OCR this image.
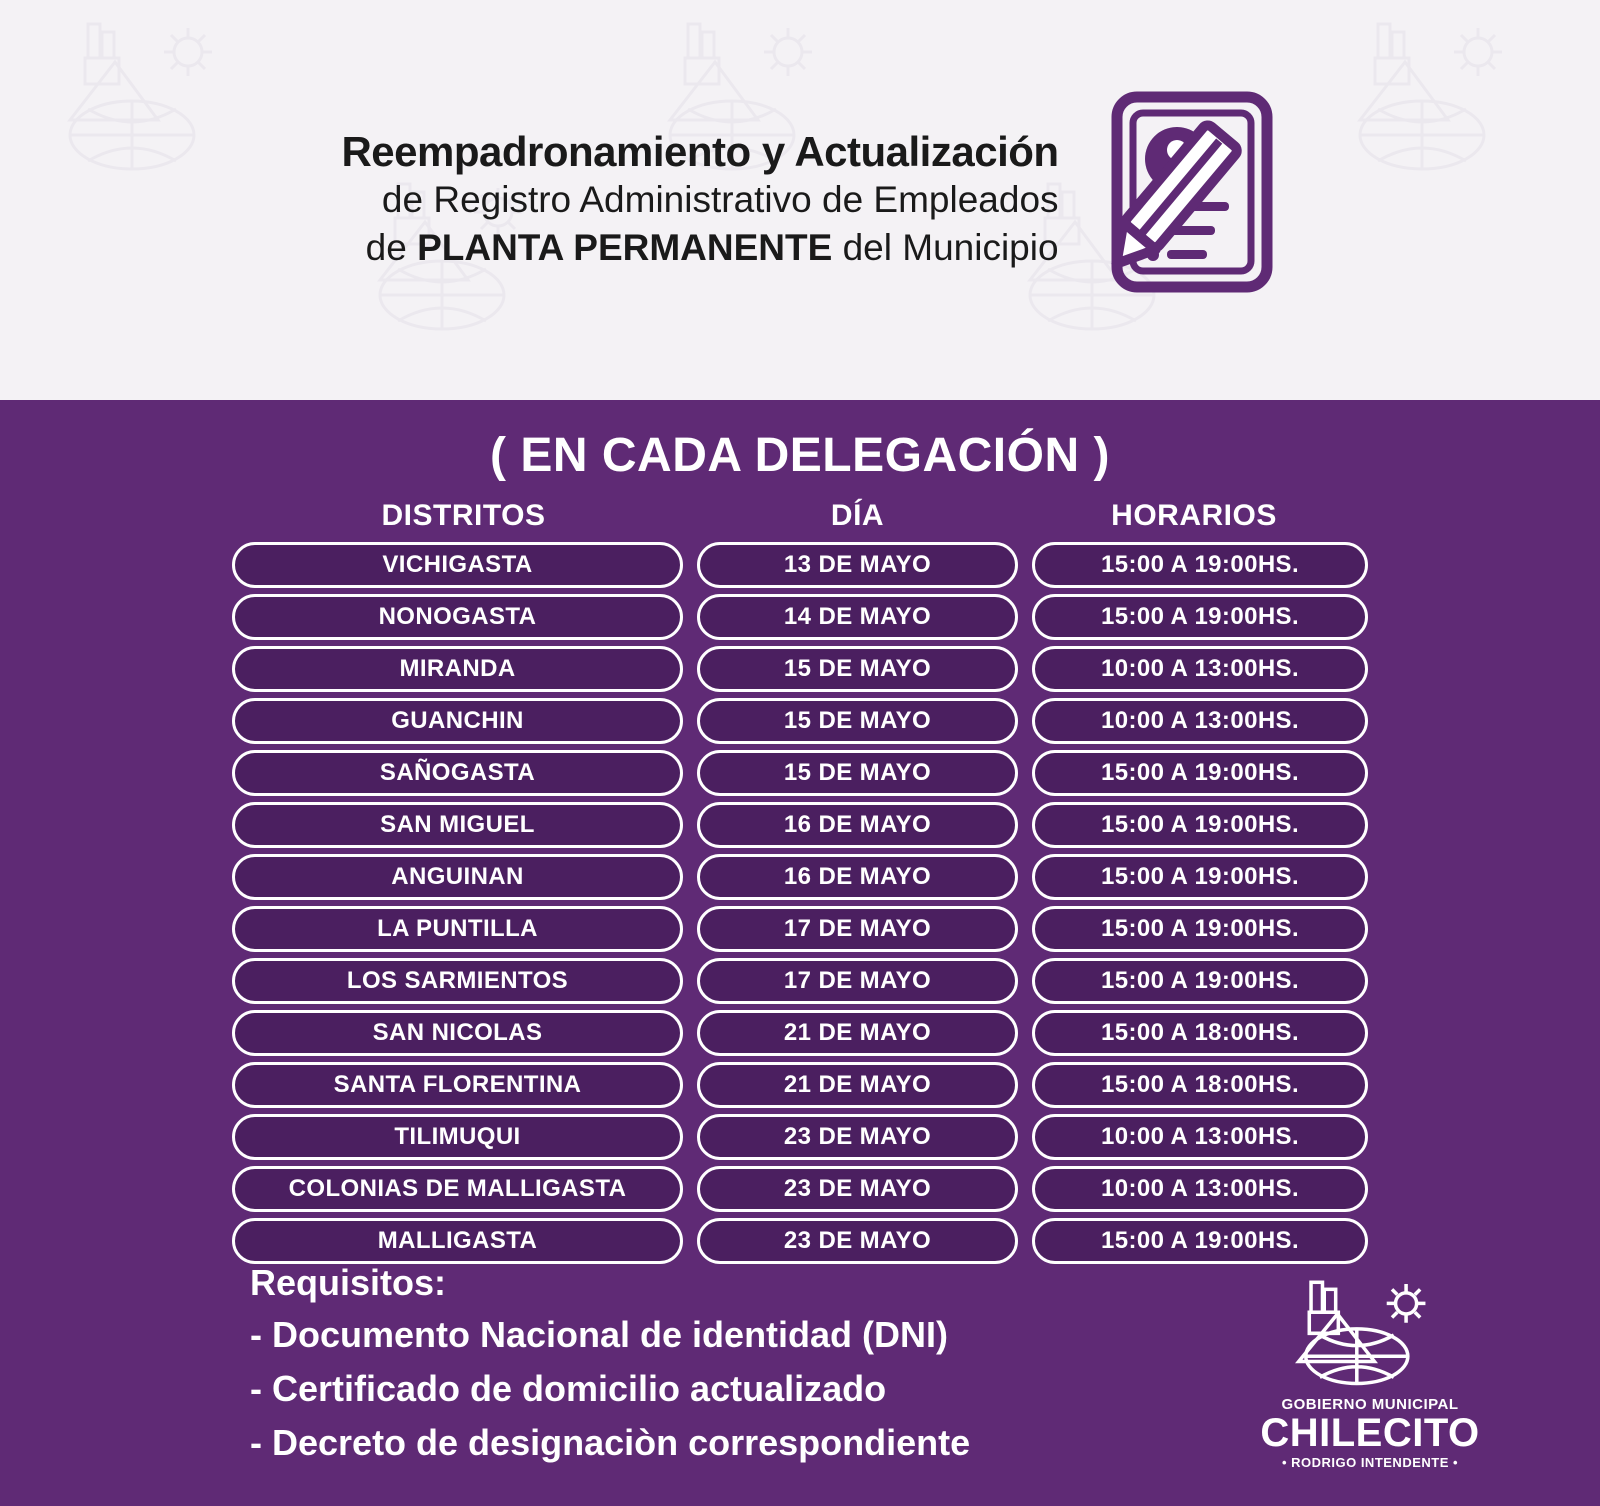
Reempadronamiento y Actualización
de Registro Administrativo de Empleados
de PLANTA PERMANENTE del Municipio
( EN CADA DELEGACIÓN )
DISTRITOS	DÍA	HORARIOS
VICHIGASTA	13 DE MAYO	15:00 A 19:00HS.
NONOGASTA	14 DE MAYO	15:00 A 19:00HS.
MIRANDA	15 DE MAYO	10:00 A 13:00HS.
GUANCHIN	15 DE MAYO	10:00 A 13:00HS.
SAÑOGASTA	15 DE MAYO	15:00 A 19:00HS.
SAN MIGUEL	16 DE MAYO	15:00 A 19:00HS.
ANGUINAN	16 DE MAYO	15:00 A 19:00HS.
LA PUNTILLA	17 DE MAYO	15:00 A 19:00HS.
LOS SARMIENTOS	17 DE MAYO	15:00 A 19:00HS.
SAN NICOLAS	21 DE MAYO	15:00 A 18:00HS.
SANTA FLORENTINA	21 DE MAYO	15:00 A 18:00HS.
TILIMUQUI	23 DE MAYO	10:00 A 13:00HS.
COLONIAS DE MALLIGASTA	23 DE MAYO	10:00 A 13:00HS.
MALLIGASTA	23 DE MAYO	15:00 A 19:00HS.
Requisitos:
- Documento Nacional de identidad (DNI)
- Certificado de domicilio actualizado
- Decreto de designaciòn correspondiente
GOBIERNO MUNICIPAL
CHILECITO
• RODRIGO INTENDENTE •
